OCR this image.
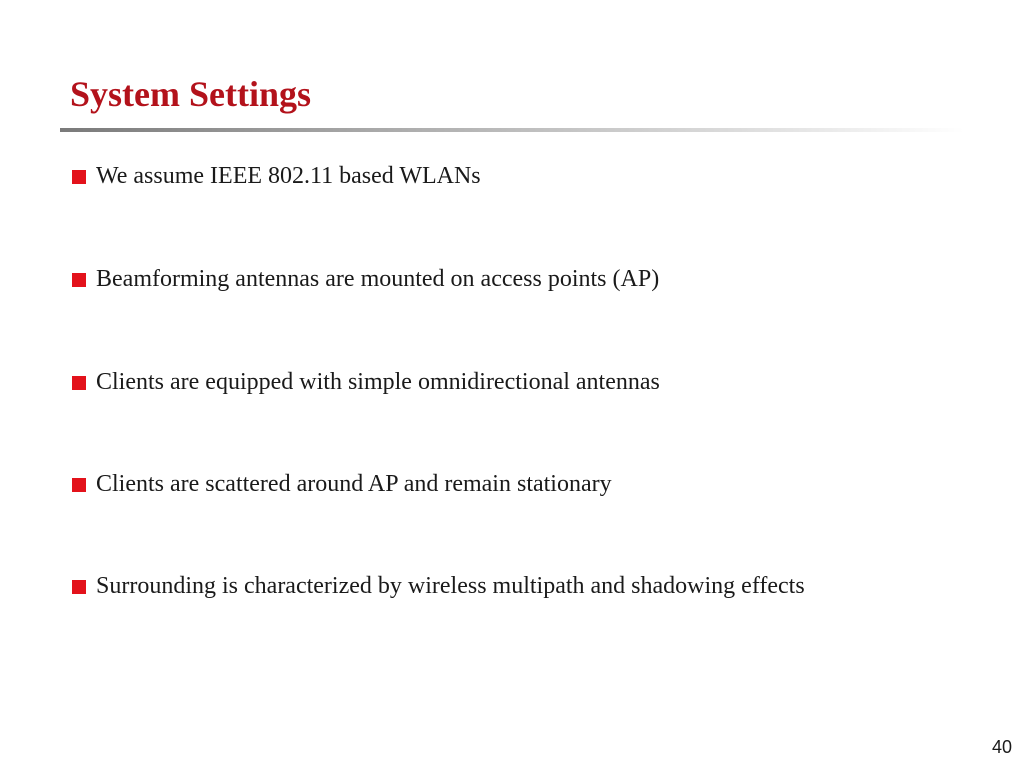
System Settings
We assume IEEE 802.11 based WLANs
Beamforming antennas are mounted on access points (AP)
Clients are equipped with simple omnidirectional antennas
Clients are scattered around AP and remain stationary
Surrounding is characterized by wireless multipath and shadowing effects
40
